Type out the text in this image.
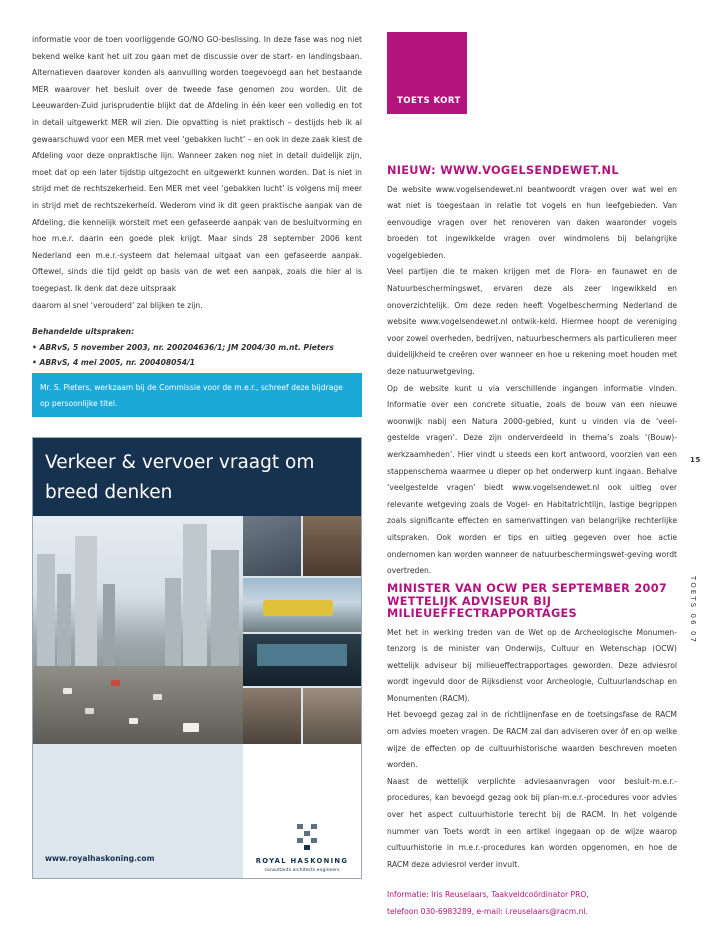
informatie voor de toen voorliggende GO/NO GO-beslissing. In deze fase was nog niet bekend welke kant het uit zou gaan met de discussie over de start- en landingsbaan. Alternatieven daarover konden als aanvulling worden toegevoegd aan het bestaande MER waarover het besluit over de tweede fase genomen zou worden. Uit de Leeuwarden-Zuid jurisprudentie blijkt dat de Afdeling in één keer een volledig en tot in detail uitgewerkt MER wil zien. Die opvatting is niet praktisch – destijds heb ik al gewaarschuwd voor een MER met veel ‘gebakken lucht’ – en ook in deze zaak kiest de Afdeling voor deze onpraktische lijn. Wanneer zaken nog niet in detail duidelijk zijn, moet dat op een later tijdstip uitgezocht en uitgewerkt kunnen worden. Dat is niet in strijd met de rechtszekerheid. Een MER met veel ‘gebakken lucht’ is volgens mij meer in strijd met de rechtszekerheid. Wederom vind ik dit geen praktische aanpak van de Afdeling, die kennelijk worstelt met een gefaseerde aanpak van de besluitvorming en hoe m.e.r. daarin een goede plek krijgt. Maar sinds 28 september 2006 kent Nederland een m.e.r.-systeem dat helemaal uitgaat van een gefaseerde aanpak. Oftewel, sinds die tijd geldt op basis van de wet een aanpak, zoals die hier al is toegepast. Ik denk dat deze uitspraak

daarom al snel ‘verouderd’ zal blijken te zijn.

Behandelde uitspraken:

• ABRvS, 5 november 2003, nr. 200204636/1; JM 2004/30 m.nt. Pieters

• ABRvS, 4 mei 2005, nr. 200408054/1

Mr. S. Pieters, werkzaam bij de Commissie voor de m.e.r., schreef deze bijdrage op persoonlijke titel.

Verkeer & vervoer vraagt om breed denken

www.royalhaskoning.com	ROYAL HASKONING

consultants architects engineers

TOETS KORT
NIEUW: WWW.VOGELSENDEWET.NL

De website www.vogelsendewet.nl beantwoordt vragen over wat wel en wat niet is toegestaan in relatie tot vogels en hun leefgebieden. Van eenvoudige vragen over het renoveren van daken waaronder vogels broeden tot ingewikkelde vragen over windmolens bij belangrijke vogelgebieden.

Veel partijen die te maken krijgen met de Flora- en faunawet en de Natuurbeschermingswet, ervaren deze als zeer ingewikkeld en onoverzichtelijk. Om deze reden heeft Vogelbescherming Nederland de website www.vogelsendewet.nl ontwik-keld. Hiermee hoopt de vereniging voor zowel overheden, bedrijven, natuurbeschermers als particulieren meer duidelijkheid te creëren over wanneer en hoe u rekening moet houden met deze natuurwetgeving.

Op de website kunt u via verschillende ingangen informatie vinden. Informatie over een concrete situatie, zoals de bouw van een nieuwe woonwijk nabij een Natura 2000-gebied, kunt u vinden via de ‘veel-gestelde vragen’. Deze zijn onderverdeeld in thema’s zoals ‘(Bouw)-werkzaamheden’. Hier vindt u steeds een kort antwoord, voorzien van een stappenschema waarmee u dieper op het onderwerp kunt ingaan. Behalve ‘veelgestelde vragen’ biedt www.vogelsendewet.nl ook uitleg over relevante wetgeving zoals de Vogel- en Habitatrichtlijn, lastige begrippen zoals significante effecten en samenvattingen van belangrijke rechterlijke uitspraken. Ook worden er tips en uitleg gegeven over hoe actie ondernomen kan worden wanneer de natuurbeschermingswet-geving wordt overtreden.

MINISTER VAN OCW PER SEPTEMBER 2007 WETTELIJK ADVISEUR BIJ MILIEUEFFECTRAPPORTAGES

Met het in werking treden van de Wet op de Archeologische Monumen-tenzorg is de minister van Onderwijs, Cultuur en Wetenschap (OCW) wettelijk adviseur bij milieueffectrapportages geworden. Deze adviesrol wordt ingevuld door de Rijksdienst voor Archeologie, Cultuurlandschap en Monumenten (RACM).

Het bevoegd gezag zal in de richtlijnenfase en de toetsingsfase de RACM om advies moeten vragen. De RACM zal dan adviseren over óf en op welke wijze de effecten op de cultuurhistorische waarden beschreven moeten worden.

Naast de wettelijk verplichte adviesaanvragen voor besluit-m.e.r.-procedures, kan bevoegd gezag ook bij plan-m.e.r.-procedures voor advies over het aspect cultuurhistorie terecht bij de RACM. In het volgende nummer van Toets wordt in een artikel ingegaan op de wijze waarop cultuurhistorie in m.e.r.-procedures kan worden opgenomen, en hoe de RACM deze adviesrol verder invult.

Informatie: Iris Reuselaars, Taakveldcoördinator PRO,

telefoon 030-6983289, e-mail: i.reuselaars@racm.nl.

15
TOETS 06 07
